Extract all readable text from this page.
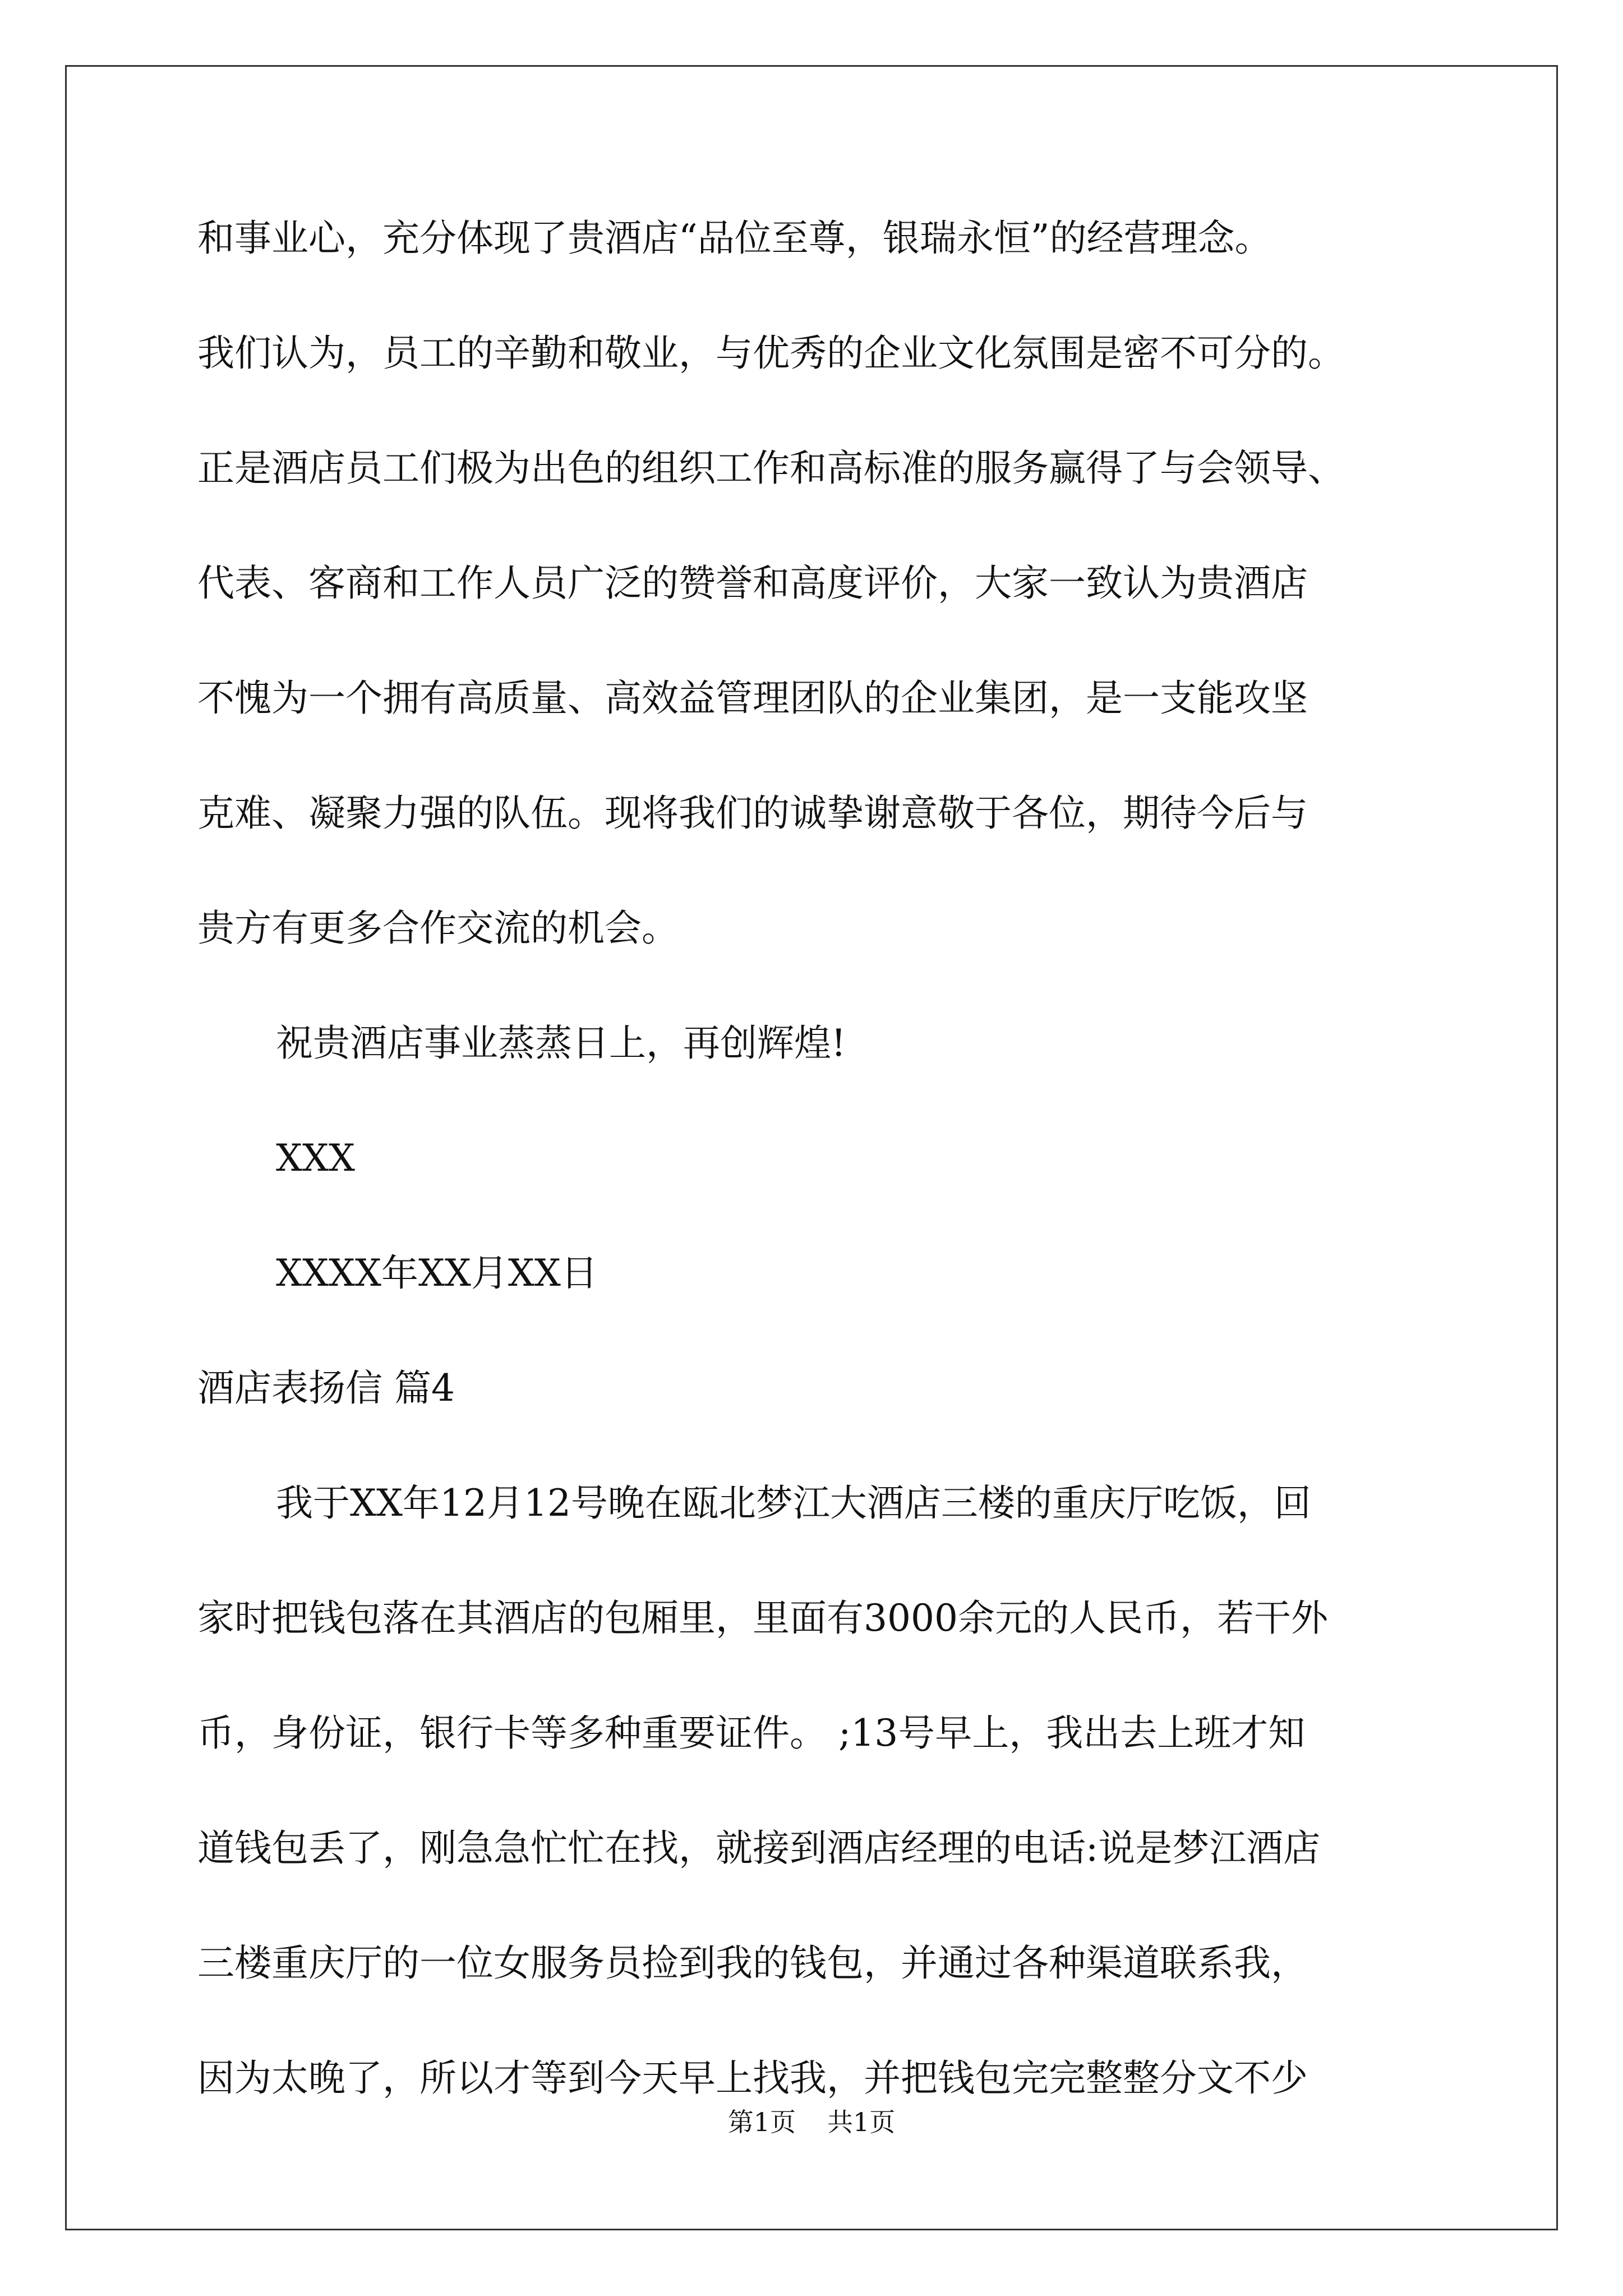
和事业心，充分体现了贵酒店“品位至尊，银瑞永恒”的经营理念。
我们认为，员工的辛勤和敬业，与优秀的企业文化氛围是密不可分的。
正是酒店员工们极为出色的组织工作和高标准的服务赢得了与会领导、
代表、客商和工作人员广泛的赞誉和高度评价，大家一致认为贵酒店
不愧为一个拥有高质量、高效益管理团队的企业集团，是一支能攻坚
克难、凝聚力强的队伍。现将我们的诚挚谢意敬于各位，期待今后与
贵方有更多合作交流的机会。
祝贵酒店事业蒸蒸日上，再创辉煌!
XXX
XXXX年XX月XX日
酒店表扬信 篇4
我于XX年12月12号晚在瓯北梦江大酒店三楼的重庆厅吃饭，回
家时把钱包落在其酒店的包厢里，里面有3000余元的人民币，若干外
币，身份证，银行卡等多种重要证件。 ;13号早上，我出去上班才知
道钱包丢了，刚急急忙忙在找，就接到酒店经理的电话:说是梦江酒店
三楼重庆厅的一位女服务员捡到我的钱包，并通过各种渠道联系我，
因为太晚了，所以才等到今天早上找我，并把钱包完完整整分文不少
第1页 共1页
